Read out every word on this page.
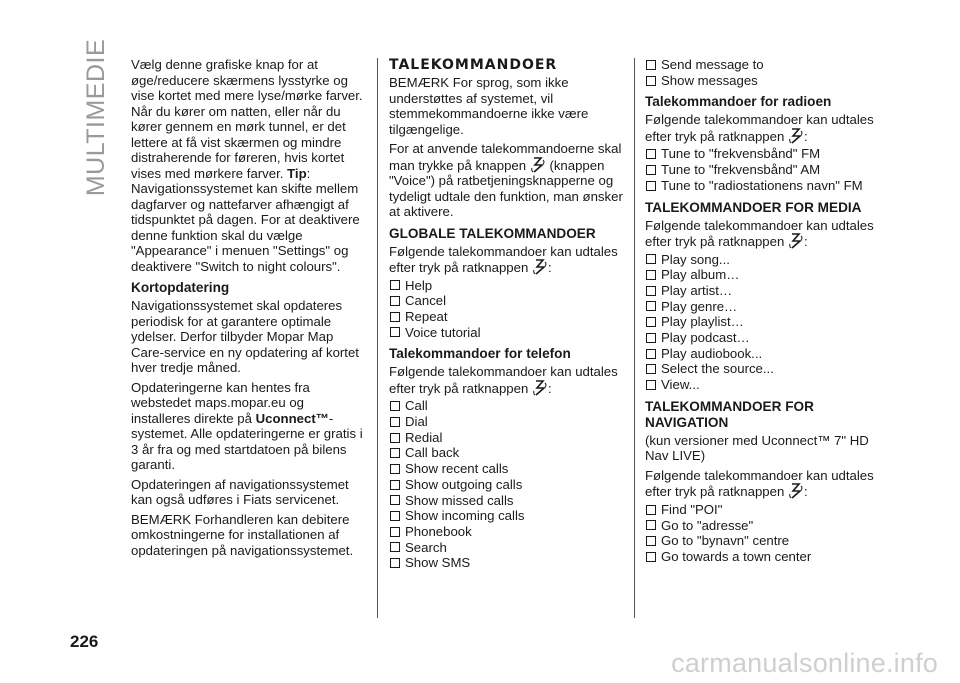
MULTIMEDIE Vælg denne grafiske knap for at øge/reducere skærmens lysstyrke og vise kortet med mere lyse/mørke farver. Når du kører om natten, eller når du kører gennem en mørk tunnel, er det lettere at få vist skærmen og mindre distraherende for føreren, hvis kortet vises med mørkere farver. Tip: Navigationssystemet kan skifte mellem dagfarver og nattefarver afhængigt af tidspunktet på dagen. For at deaktivere denne funktion skal du vælge "Appearance" i menuen "Settings" og deaktivere "Switch to night colours".

Kortopdatering

Navigationssystemet skal opdateres periodisk for at garantere optimale ydelser. Derfor tilbyder Mopar Map Care-service en ny opdatering af kortet hver tredje måned.

Opdateringerne kan hentes fra webstedet maps.mopar.eu og installeres direkte på Uconnect™-systemet. Alle opdateringerne er gratis i 3 år fra og med startdatoen på bilens garanti.

Opdateringen af navigationssystemet kan også udføres i Fiats servicenet.

BEMÆRK Forhandleren kan debitere omkostningerne for installationen af opdateringen på navigationssystemet.

TALEKOMMANDOER

BEMÆRK For sprog, som ikke understøttes af systemet, vil stemmekommandoerne ikke være tilgængelige.

For at anvende talekommandoerne skal man trykke på knappen (knappen "Voice") på ratbetjeningsknapperne og tydeligt udtale den funktion, man ønsker at aktivere.

GLOBALE TALEKOMMANDOER

Følgende talekommandoer kan udtales efter tryk på ratknappen :

Help
Cancel
Repeat
Voice tutorial
Talekommandoer for telefon

Følgende talekommandoer kan udtales efter tryk på ratknappen :

Call
Dial
Redial
Call back
Show recent calls
Show outgoing calls
Show missed calls
Show incoming calls
Phonebook
Search
Show SMS
Send message to
Show messages
Talekommandoer for radioen

Følgende talekommandoer kan udtales efter tryk på ratknappen :

Tune to "frekvensbånd" FM
Tune to "frekvensbånd" AM
Tune to "radiostationens navn" FM
TALEKOMMANDOER FOR MEDIA

Følgende talekommandoer kan udtales efter tryk på ratknappen :

Play song...
Play album…
Play artist…
Play genre…
Play playlist…
Play podcast…
Play audiobook...
Select the source...
View...
TALEKOMMANDOER FOR NAVIGATION

(kun versioner med Uconnect™ 7" HD Nav LIVE)

Følgende talekommandoer kan udtales efter tryk på ratknappen :

Find "POI"
Go to "adresse"
Go to "bynavn" centre
Go towards a town center
226
carmanualsonline.info
